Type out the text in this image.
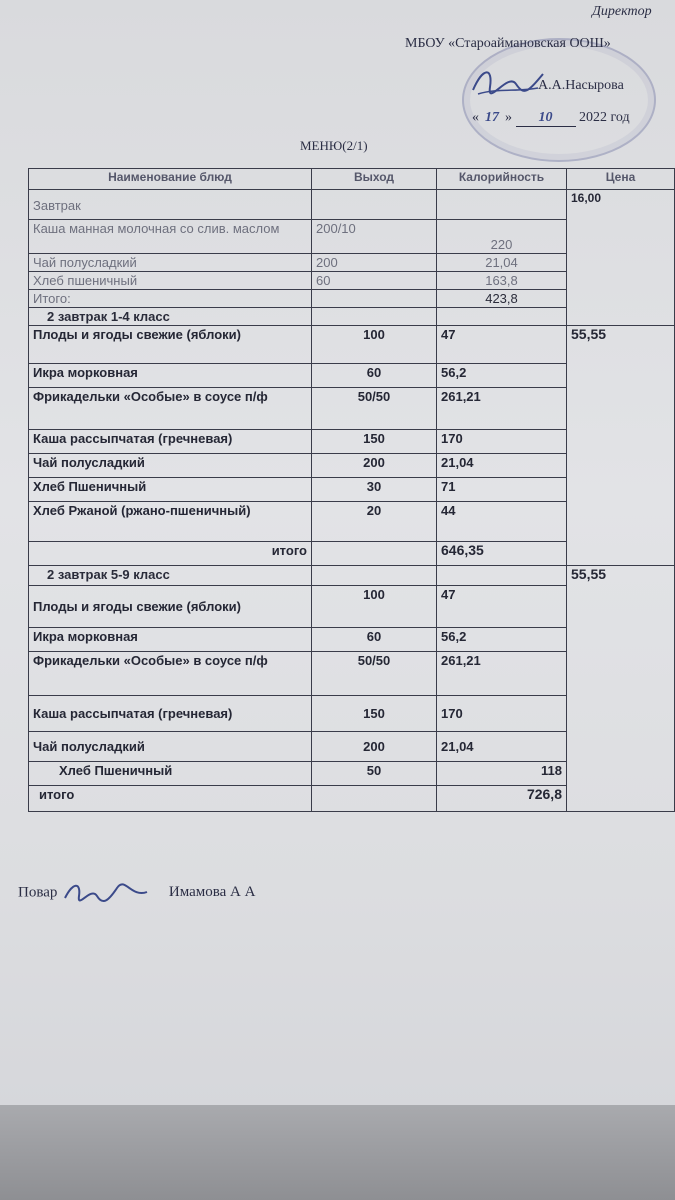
Директор
МБОУ «Староаймановская ООШ»
А.А.Насырова
« 17 » 10 2022 год
МЕНЮ(2/1)
Наименование блюд	Выход	Калорийность	Цена
Завтрак			16,00
Каша манная молочная со слив. маслом	200/10	220	
Чай полусладкий	200	21,04	
Хлеб пшеничный	60	163,8	
Итого:		423,8	
2 завтрак 1-4 класс			
Плоды и ягоды свежие (яблоки)	100	47	55,55
Икра морковная	60	56,2	
Фрикадельки «Особые» в соусе п/ф	50/50	261,21	
Каша рассыпчатая (гречневая)	150	170	
Чай полусладкий	200	21,04	
Хлеб Пшеничный	30	71	
Хлеб Ржаной (ржано-пшеничный)	20	44	
итого		646,35	
2 завтрак 5-9 класс			55,55
Плоды и ягоды свежие (яблоки)	100	47	
Икра морковная	60	56,2	
Фрикадельки «Особые» в соусе п/ф	50/50	261,21	
Каша рассыпчатая (гречневая)	150	170	
Чай полусладкий	200	21,04	
Хлеб Пшеничный	50	118	
итого		726,8	
Повар	Имамова А А
